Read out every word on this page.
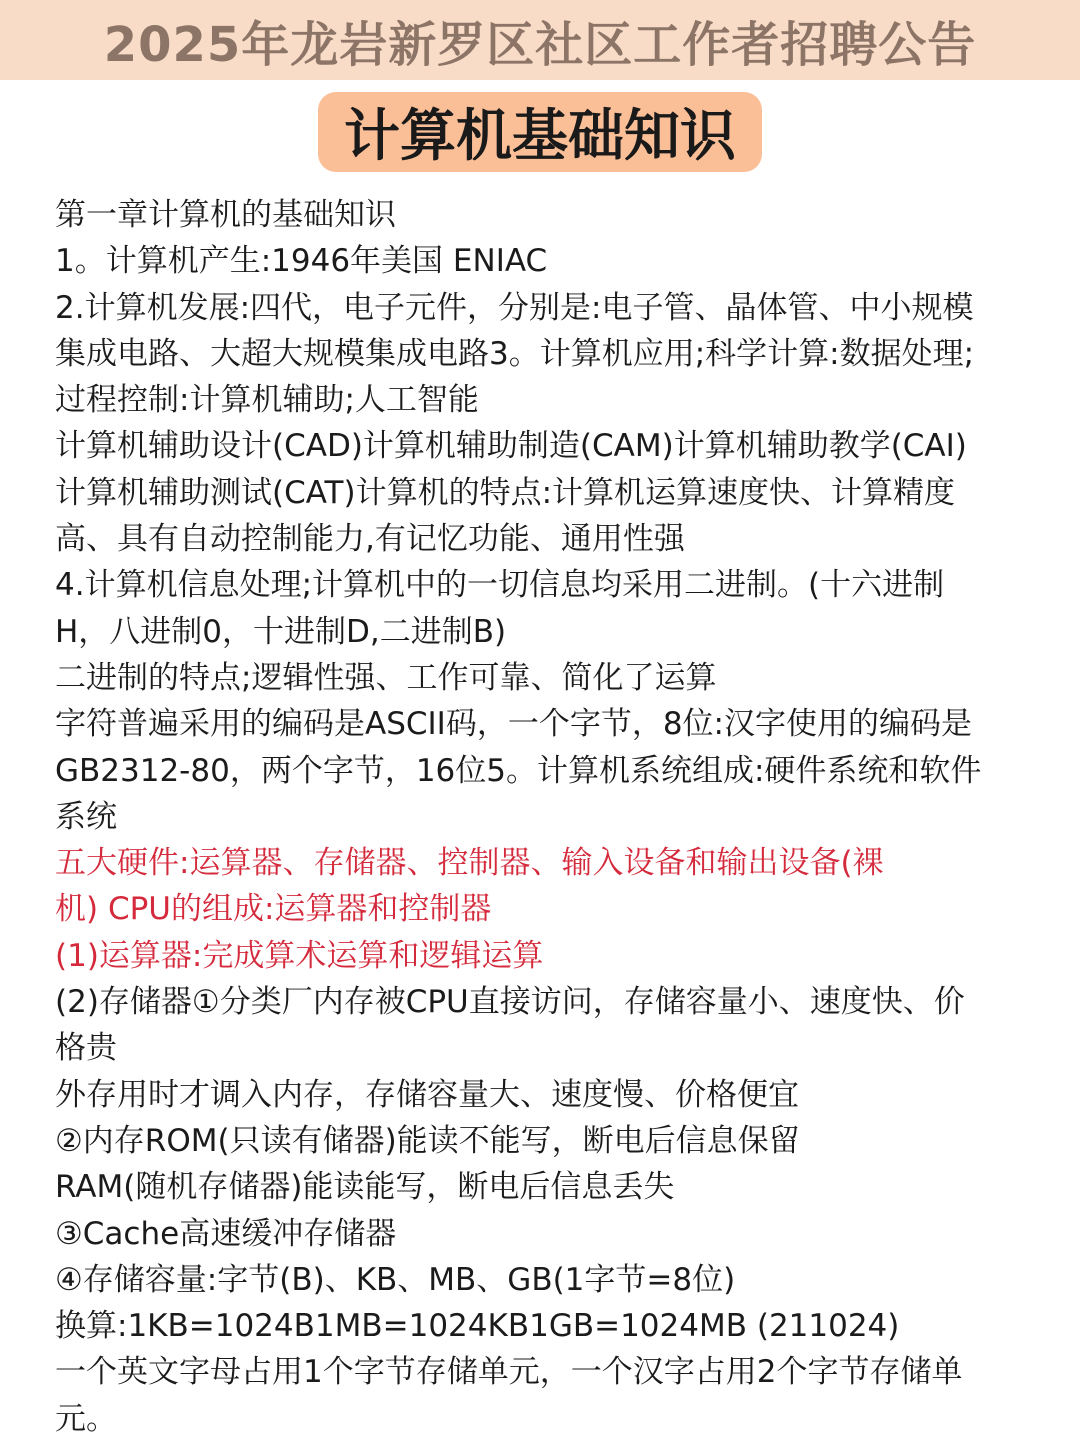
2025年龙岩新罗区社区工作者招聘公告
计算机基础知识
第一章计算机的基础知识
1。计算机产生:1946年美国 ENIAC
2.计算机发展:四代，电子元件，分别是:电子管、晶体管、中小规模
集成电路、大超大规模集成电路3。计算机应用;科学计算:数据处理;
过程控制:计算机辅助;人工智能
计算机辅助设计(CAD)计算机辅助制造(CAM)计算机辅助教学(CAI)
计算机辅助测试(CAT)计算机的特点:计算机运算速度快、计算精度
高、具有自动控制能力,有记忆功能、通用性强
4.计算机信息处理;计算机中的一切信息均采用二进制。(十六进制
H，八进制0，十进制D,二进制B)
二进制的特点;逻辑性强、工作可靠、简化了运算
字符普遍采用的编码是ASCII码，一个字节，8位:汉字使用的编码是
GB2312-80，两个字节，16位5。计算机系统组成:硬件系统和软件
系统
五大硬件:运算器、存储器、控制器、输入设备和输出设备(裸
机) CPU的组成:运算器和控制器
(1)运算器:完成算术运算和逻辑运算
(2)存储器①分类厂内存被CPU直接访问，存储容量小、速度快、价
格贵
外存用时才调入内存，存储容量大、速度慢、价格便宜
②内存ROM(只读有储器)能读不能写，断电后信息保留
RAM(随机存储器)能读能写，断电后信息丢失
③Cache高速缓冲存储器
④存储容量:字节(B)、KB、MB、GB(1字节=8位)
换算:1KB=1024B1MB=1024KB1GB=1024MB (211024)
一个英文字母占用1个字节存储单元，一个汉字占用2个字节存储单
元。
